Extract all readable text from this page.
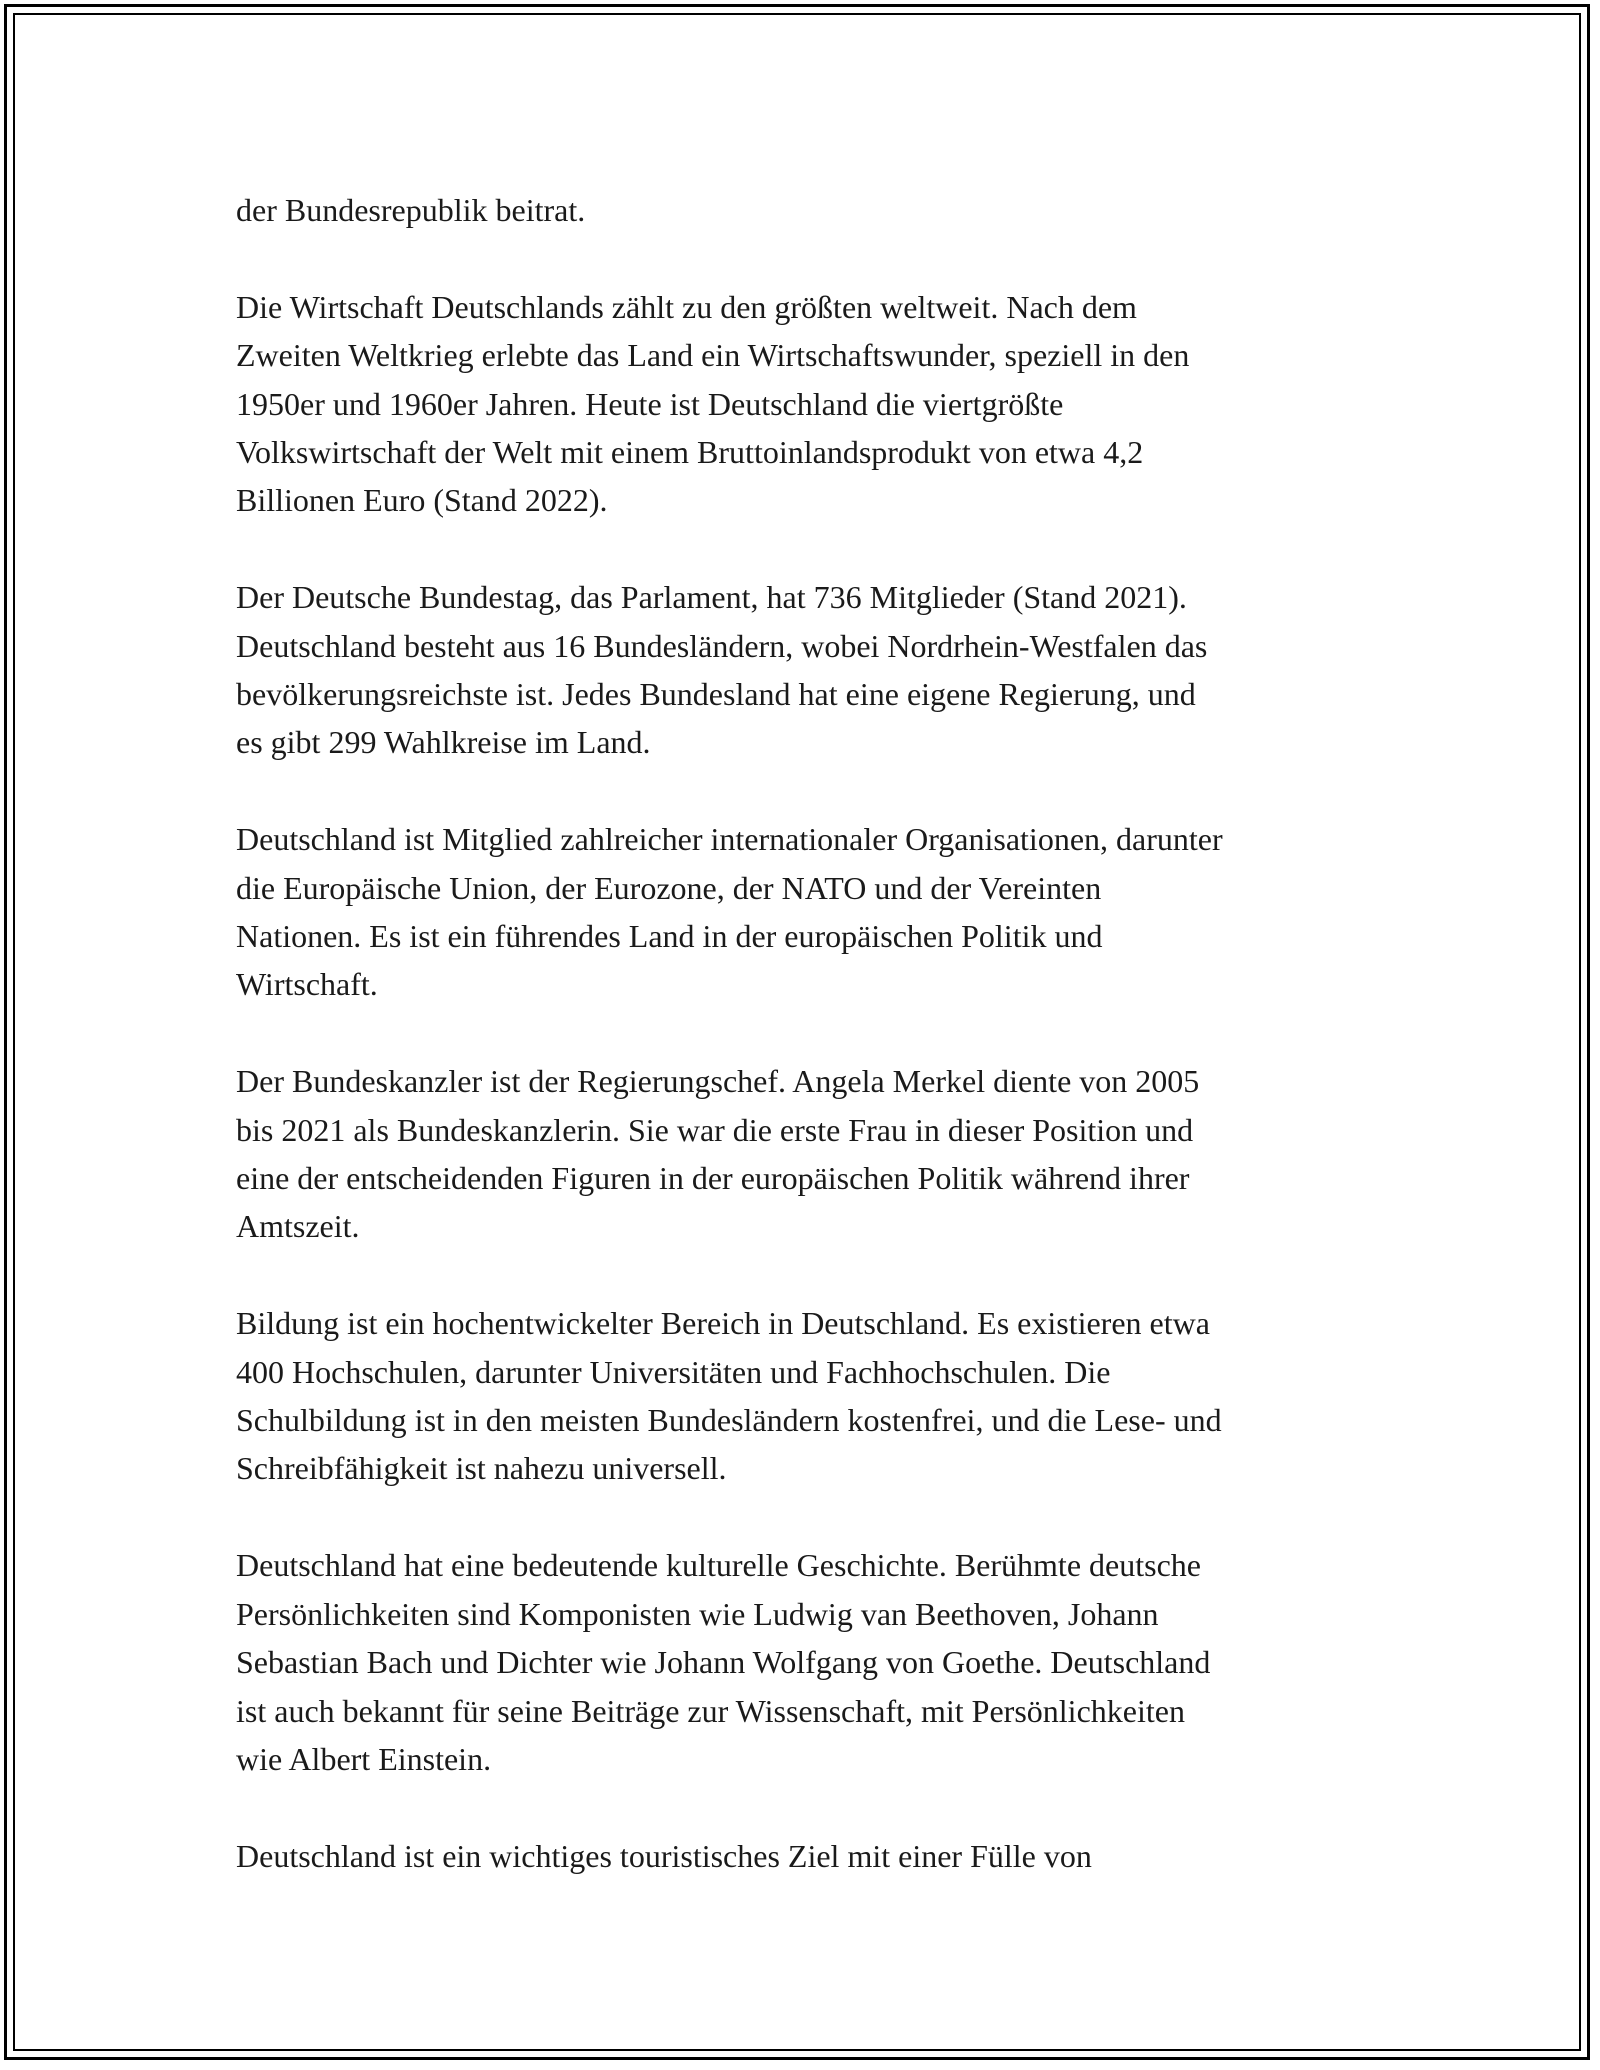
der Bundesrepublik beitrat.

Die Wirtschaft Deutschlands zählt zu den größten weltweit. Nach dem
Zweiten Weltkrieg erlebte das Land ein Wirtschaftswunder, speziell in den
1950er und 1960er Jahren. Heute ist Deutschland die viertgrößte
Volkswirtschaft der Welt mit einem Bruttoinlandsprodukt von etwa 4,2
Billionen Euro (Stand 2022).

Der Deutsche Bundestag, das Parlament, hat 736 Mitglieder (Stand 2021).
Deutschland besteht aus 16 Bundesländern, wobei Nordrhein-Westfalen das
bevölkerungsreichste ist. Jedes Bundesland hat eine eigene Regierung, und
es gibt 299 Wahlkreise im Land.

Deutschland ist Mitglied zahlreicher internationaler Organisationen, darunter
die Europäische Union, der Eurozone, der NATO und der Vereinten
Nationen. Es ist ein führendes Land in der europäischen Politik und
Wirtschaft.

Der Bundeskanzler ist der Regierungschef. Angela Merkel diente von 2005
bis 2021 als Bundeskanzlerin. Sie war die erste Frau in dieser Position und
eine der entscheidenden Figuren in der europäischen Politik während ihrer
Amtszeit.

Bildung ist ein hochentwickelter Bereich in Deutschland. Es existieren etwa
400 Hochschulen, darunter Universitäten und Fachhochschulen. Die
Schulbildung ist in den meisten Bundesländern kostenfrei, und die Lese- und
Schreibfähigkeit ist nahezu universell.

Deutschland hat eine bedeutende kulturelle Geschichte. Berühmte deutsche
Persönlichkeiten sind Komponisten wie Ludwig van Beethoven, Johann
Sebastian Bach und Dichter wie Johann Wolfgang von Goethe. Deutschland
ist auch bekannt für seine Beiträge zur Wissenschaft, mit Persönlichkeiten
wie Albert Einstein.

Deutschland ist ein wichtiges touristisches Ziel mit einer Fülle von
